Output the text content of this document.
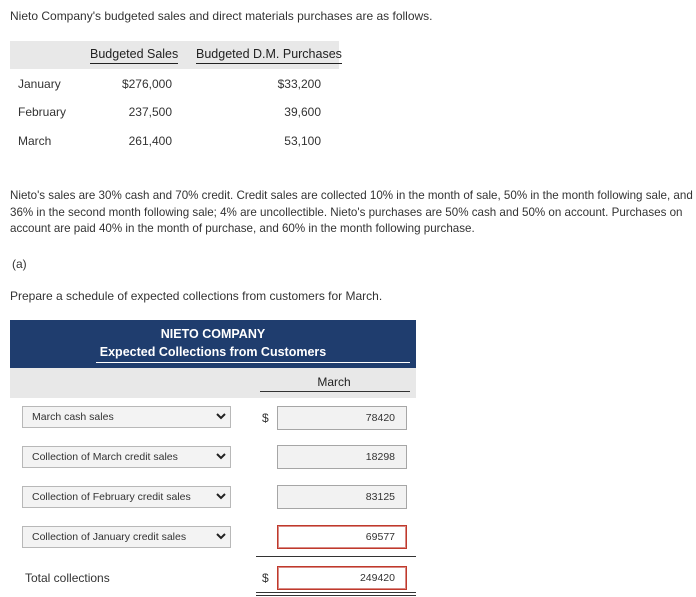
Nieto Company's budgeted sales and direct materials purchases are as follows.
Budgeted Sales Budgeted D.M. Purchases
January	$276,000	$33,200
February	237,500	39,600
March	261,400	53,100
Nieto's sales are 30% cash and 70% credit. Credit sales are collected 10% in the month of sale, 50% in the month following sale, and 36% in the second month following sale; 4% are uncollectible. Nieto's purchases are 50% cash and 50% on account. Purchases on account are paid 40% in the month of purchase, and 60% in the month following purchase.
(a)
Prepare a schedule of expected collections from customers for March.
NIETO COMPANY
Expected Collections from Customers
March
March cash sales	$	78420
Collection of March credit sales	18298
Collection of February credit sales	83125
Collection of January credit sales	69577
Total collections	$	249420
